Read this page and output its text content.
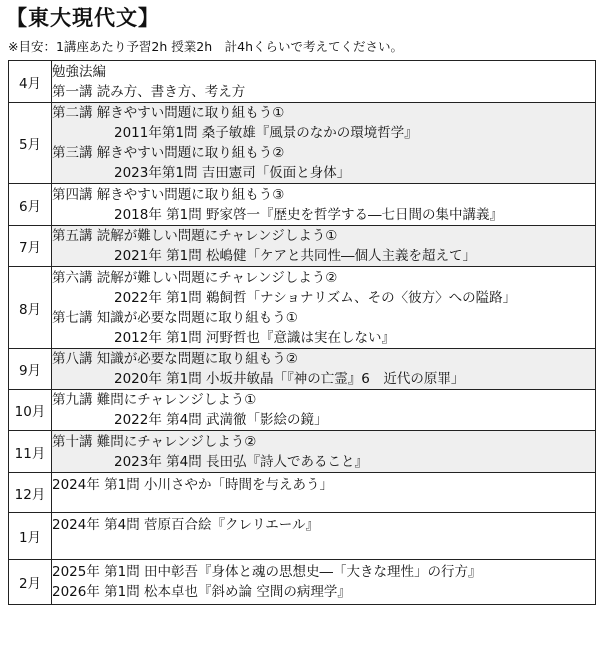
【東大現代文】
※目安：1講座あたり予習2h 授業2h　計4hくらいで考えてください。
4月	勉強法編
第一講 読み方、書き方、考え方

5月	第二講 解きやすい問題に取り組もう①
2011年第1問 桑子敏雄『風景のなかの環境哲学』
第三講 解きやすい問題に取り組もう②
2023年第1問 吉田憲司「仮面と身体」

6月	第四講 解きやすい問題に取り組もう③
2018年 第1問 野家啓一『歴史を哲学する―七日間の集中講義』

7月	第五講 読解が難しい問題にチャレンジしよう①
2021年 第1問 松嶋健「ケアと共同性―個人主義を超えて」

8月	第六講 読解が難しい問題にチャレンジしよう②
2022年 第1問 鵜飼哲「ナショナリズム、その〈彼方〉への隘路」
第七講 知識が必要な問題に取り組もう①
2012年 第1問 河野哲也『意識は実在しない』

9月	第八講 知識が必要な問題に取り組もう②
2020年 第1問 小坂井敏晶「『神の亡霊』6　近代の原罪」

10月	第九講 難問にチャレンジしよう①
2022年 第4問 武満徹「影絵の鏡」

11月	第十講 難問にチャレンジしよう②
2023年 第4問 長田弘『詩人であること』

12月	2024年 第1問 小川さやか「時間を与えあう」

1月	2024年 第4問 菅原百合絵『クレリエール』

2月	2025年 第1問 田中彰吾『身体と魂の思想史―「大きな理性」の行方』
2026年 第1問 松本卓也『斜め論 空間の病理学』
